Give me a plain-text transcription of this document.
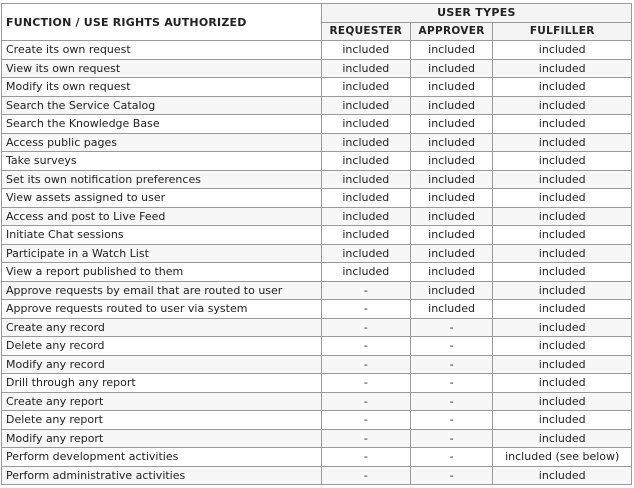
FUNCTION / USE RIGHTS AUTHORIZED	USER TYPES		
	REQUESTER	APPROVER	FULFILLER
Create its own request	included	included	included
View its own request	included	included	included
Modify its own request	included	included	included
Search the Service Catalog	included	included	included
Search the Knowledge Base	included	included	included
Access public pages	included	included	included
Take surveys	included	included	included
Set its own notification preferences	included	included	included
View assets assigned to user	included	included	included
Access and post to Live Feed	included	included	included
Initiate Chat sessions	included	included	included
Participate in a Watch List	included	included	included
View a report published to them	included	included	included
Approve requests by email that are routed to user	-	included	included
Approve requests routed to user via system	-	included	included
Create any record	-	-	included
Delete any record	-	-	included
Modify any record	-	-	included
Drill through any report	-	-	included
Create any report	-	-	included
Delete any report	-	-	included
Modify any report	-	-	included
Perform development activities	-	-	included (see below)
Perform administrative activities	-	-	included
